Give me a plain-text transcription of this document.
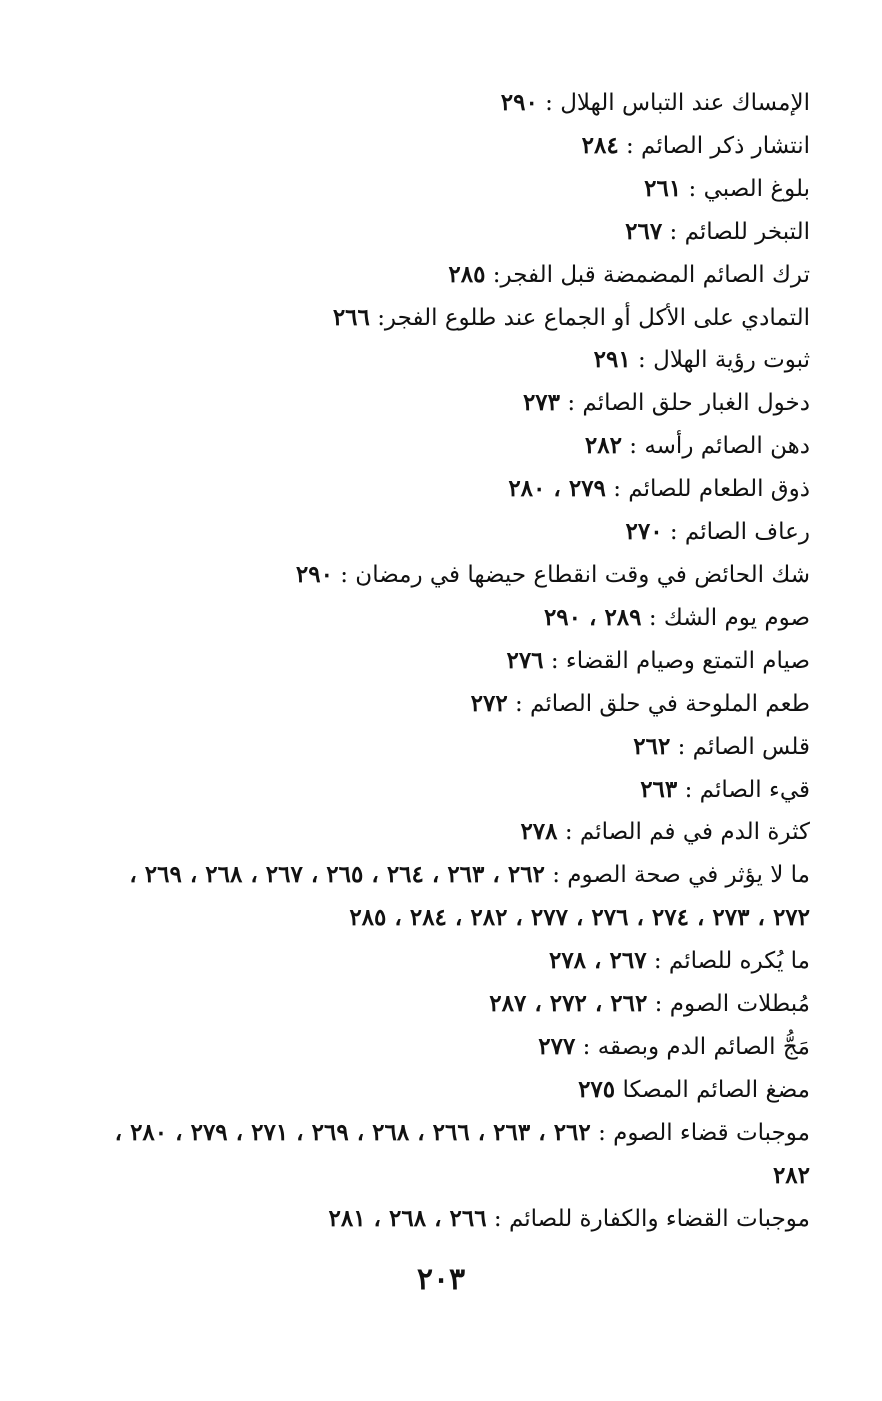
الإمساك عند التباس الهلال : ٢٩٠
انتشار ذكر الصائم : ٢٨٤
بلوغ الصبي : ٢٦١
التبخر للصائم : ٢٦٧
ترك الصائم المضمضة قبل الفجر: ٢٨٥
التمادي على الأكل أو الجماع عند طلوع الفجر: ٢٦٦
ثبوت رؤية الهلال : ٢٩١
دخول الغبار حلق الصائم : ٢٧٣
دهن الصائم رأسه : ٢٨٢
ذوق الطعام للصائم : ٢٧٩ ، ٢٨٠
رعاف الصائم : ٢٧٠
شك الحائض في وقت انقطاع حيضها في رمضان : ٢٩٠
صوم يوم الشك : ٢٨٩ ، ٢٩٠
صيام التمتع وصيام القضاء : ٢٧٦
طعم الملوحة في حلق الصائم : ٢٧٢
قلس الصائم : ٢٦٢
قيء الصائم : ٢٦٣
كثرة الدم في فم الصائم : ٢٧٨
ما لا يؤثر في صحة الصوم : ٢٦٢ ، ٢٦٣ ، ٢٦٤ ، ٢٦٥ ، ٢٦٧ ، ٢٦٨ ، ٢٦٩ ، ٢٧٢ ، ٢٧٣ ، ٢٧٤ ، ٢٧٦ ، ٢٧٧ ، ٢٨٢ ، ٢٨٤ ، ٢٨٥
ما يُكره للصائم : ٢٦٧ ، ٢٧٨
مُبطلات الصوم : ٢٦٢ ، ٢٧٢ ، ٢٨٧
مَجُّ الصائم الدم وبصقه : ٢٧٧
مضغ الصائم المصكا ٢٧٥
موجبات قضاء الصوم : ٢٦٢ ، ٢٦٣ ، ٢٦٦ ، ٢٦٨ ، ٢٦٩ ، ٢٧١ ، ٢٧٩ ، ٢٨٠ ، ٢٨٢
موجبات القضاء والكفارة للصائم : ٢٦٦ ، ٢٦٨ ، ٢٨١
٢٠٣
